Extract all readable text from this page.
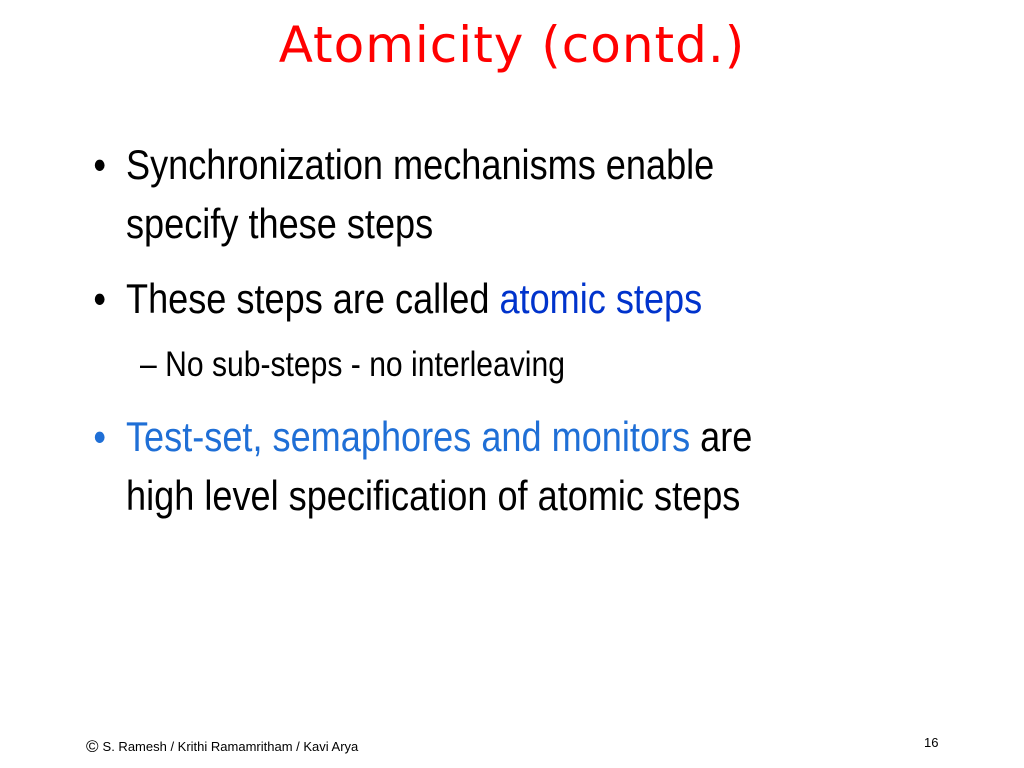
Atomicity (contd.)
• Synchronization mechanisms enable
specify these steps
• These steps are called atomic steps
– No sub-steps - no interleaving
• Test-set, semaphores and monitors are
high level specification of atomic steps
© S. Ramesh / Krithi Ramamritham / Kavi Arya	16
